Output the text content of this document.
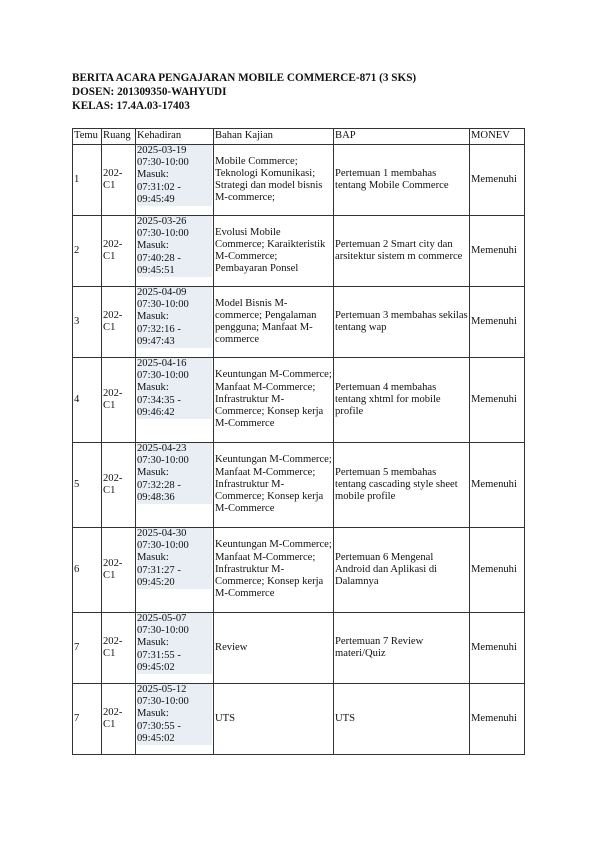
BERITA ACARA PENGAJARAN MOBILE COMMERCE-871 (3 SKS)
DOSEN: 201309350-WAHYUDI
KELAS: 17.4A.03-17403
Temu	Ruang	Kehadiran	Bahan Kajian	BAP	MONEV
1	202-C1	2025-03-19
07:30-10:00
Masuk:
07:31:02 -
09:45:49	Mobile Commerce; Teknologi Komunikasi; Strategi dan model bisnis M-commerce;	Pertemuan 1 membahas tentang Mobile Commerce	Memenuhi
2	202-C1	2025-03-26
07:30-10:00
Masuk:
07:40:28 -
09:45:51	Evolusi Mobile Commerce; Karaikteristik M-Commerce; Pembayaran Ponsel	Pertemuan 2 Smart city dan arsitektur sistem m commerce	Memenuhi
3	202-C1	2025-04-09
07:30-10:00
Masuk:
07:32:16 -
09:47:43	Model Bisnis M-commerce; Pengalaman pengguna; Manfaat M-commerce	Pertemuan 3 membahas sekilas tentang wap	Memenuhi
4	202-C1	2025-04-16
07:30-10:00
Masuk:
07:34:35 -
09:46:42	Keuntungan M-Commerce; Manfaat M-Commerce; Infrastruktur M-Commerce; Konsep kerja M-Commerce	Pertemuan 4 membahas tentang xhtml for mobile profile	Memenuhi
5	202-C1	2025-04-23
07:30-10:00
Masuk:
07:32:28 -
09:48:36	Keuntungan M-Commerce; Manfaat M-Commerce; Infrastruktur M-Commerce; Konsep kerja M-Commerce	Pertemuan 5 membahas tentang cascading style sheet mobile profile	Memenuhi
6	202-C1	2025-04-30
07:30-10:00
Masuk:
07:31:27 -
09:45:20	Keuntungan M-Commerce; Manfaat M-Commerce; Infrastruktur M-Commerce; Konsep kerja M-Commerce	Pertemuan 6 Mengenal Android dan Aplikasi di Dalamnya	Memenuhi
7	202-C1	2025-05-07
07:30-10:00
Masuk:
07:31:55 -
09:45:02	Review	Pertemuan 7 Review materi/Quiz	Memenuhi
7	202-C1	2025-05-12
07:30-10:00
Masuk:
07:30:55 -
09:45:02	UTS	UTS	Memenuhi
